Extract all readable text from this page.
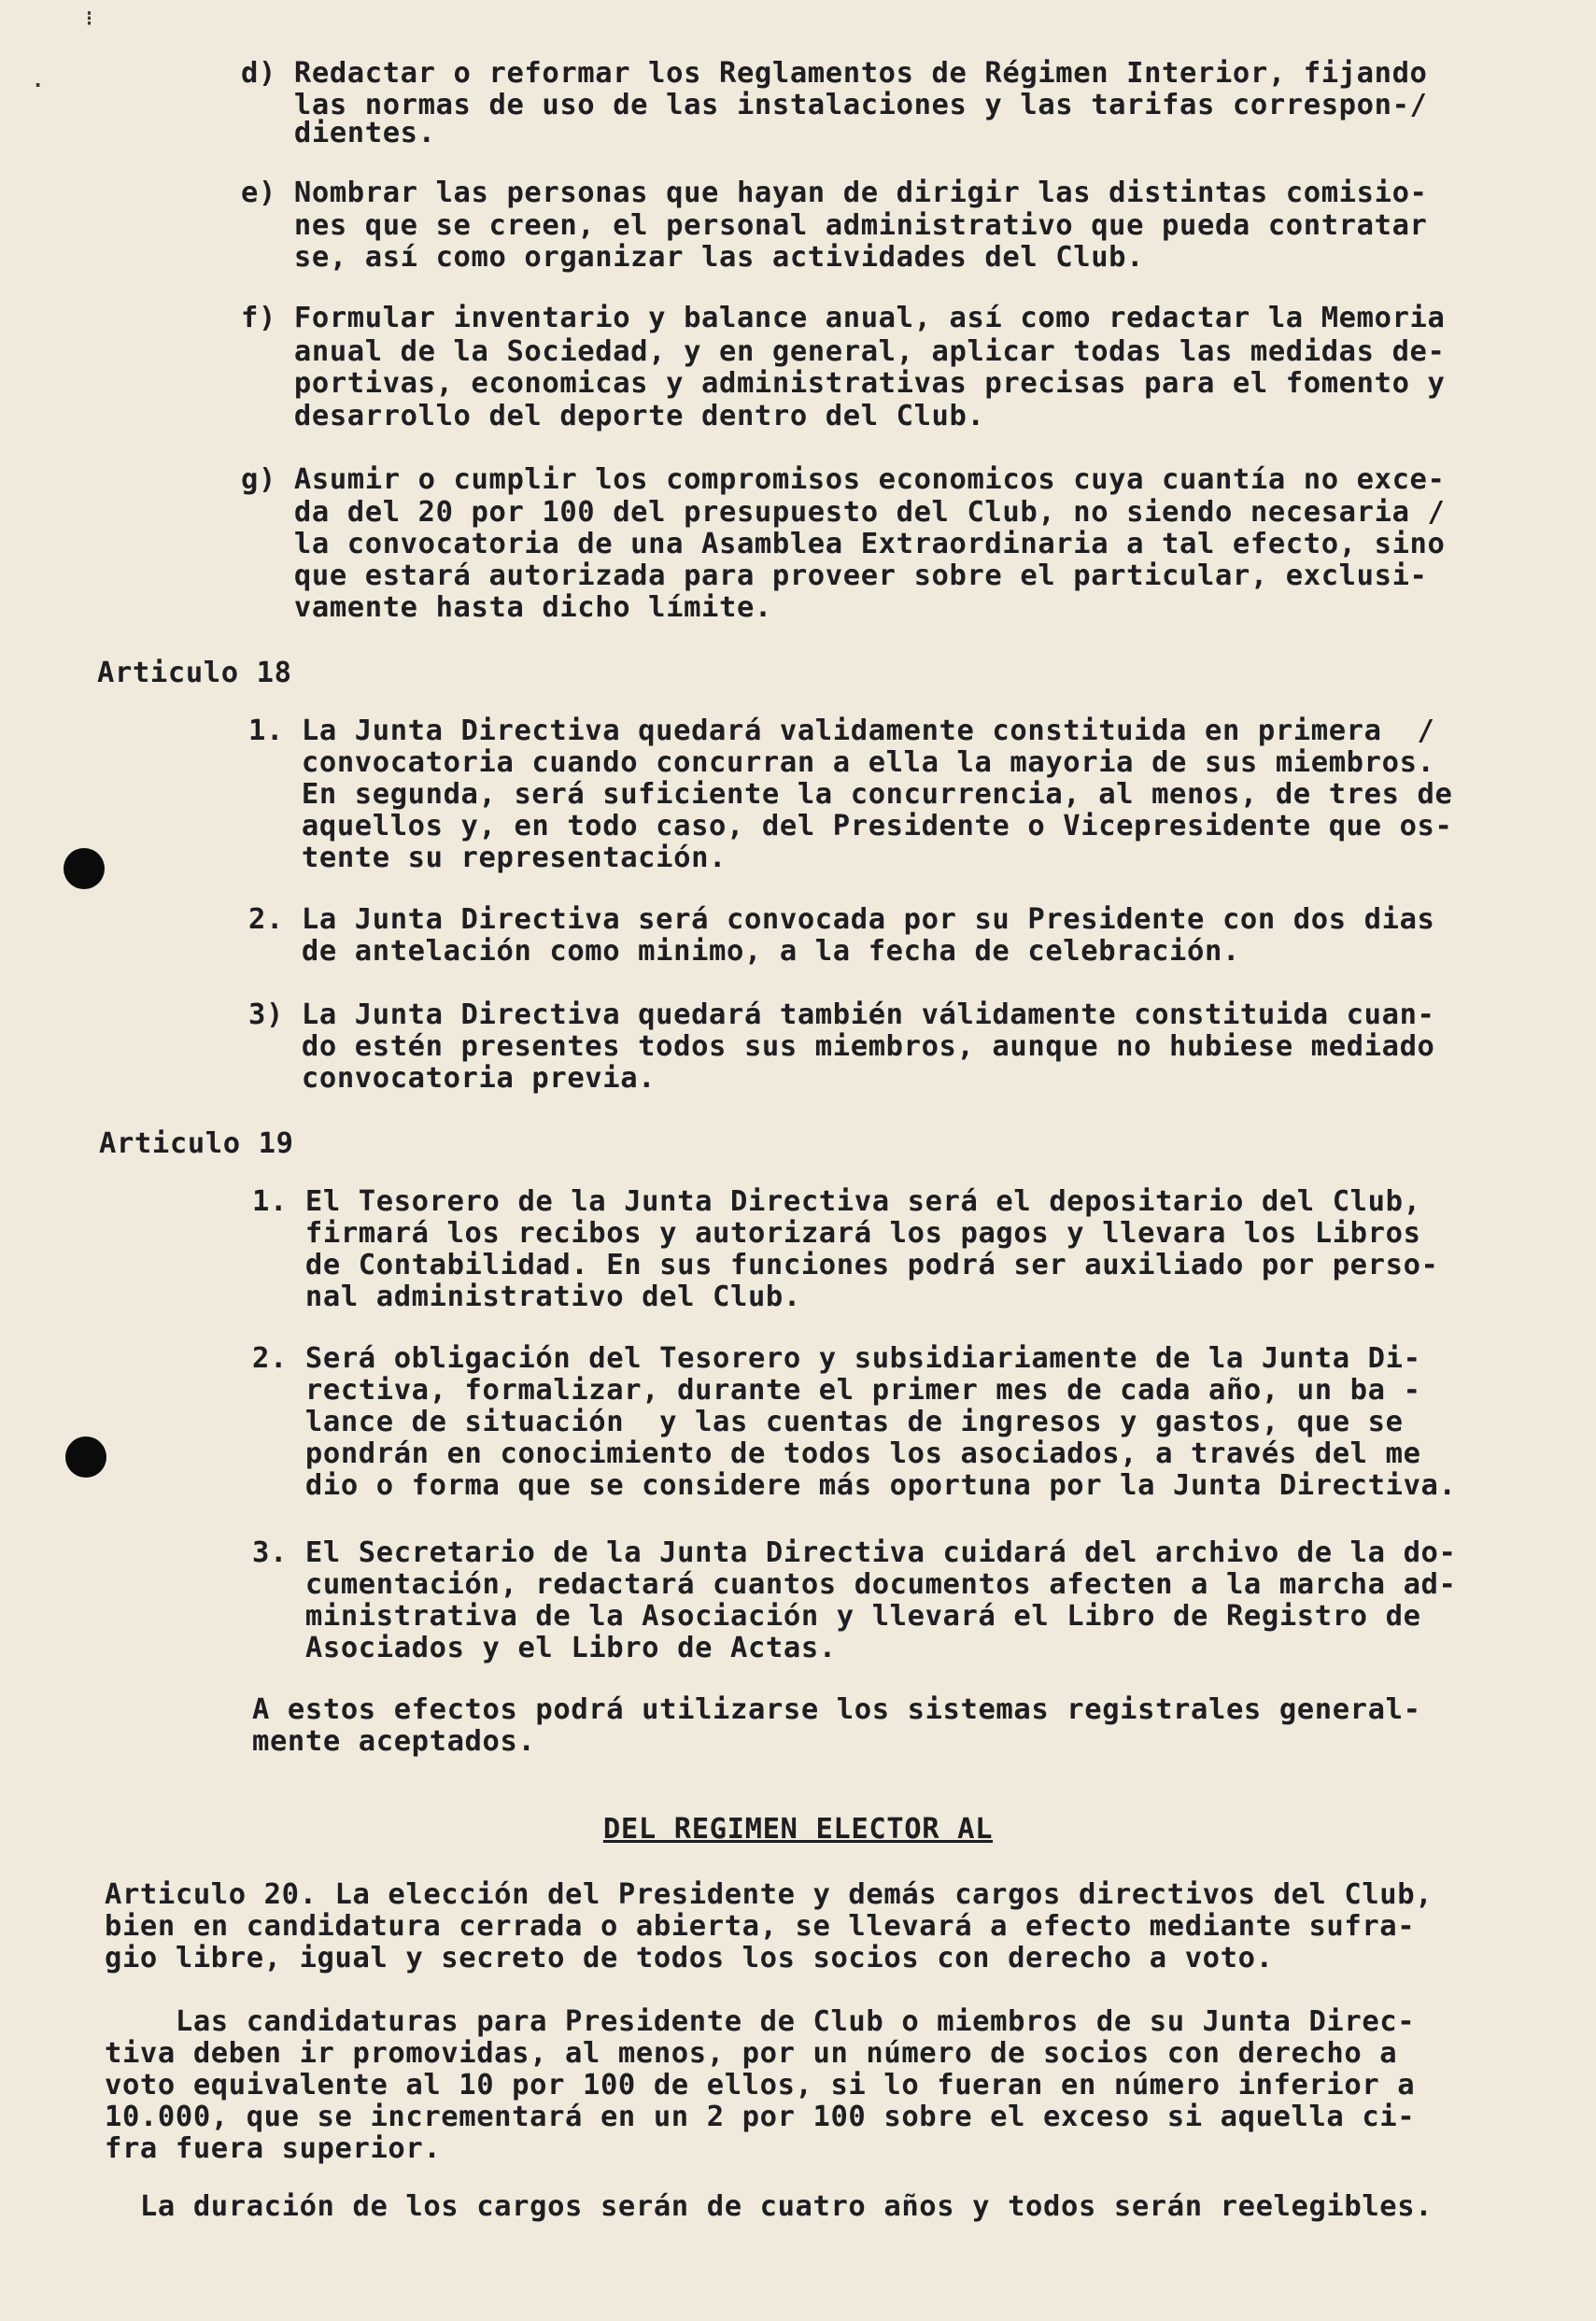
⁝
·	d) Redactar o reformar los Reglamentos de Régimen Interior, fijando
las normas de uso de las instalaciones y las tarifas correspon-/
dientes.
e) Nombrar las personas que hayan de dirigir las distintas comisio-
nes que se creen, el personal administrativo que pueda contratar
se, así como organizar las actividades del Club.
f) Formular inventario y balance anual, así como redactar la Memoria
anual de la Sociedad, y en general, aplicar todas las medidas de-
portivas, economicas y administrativas precisas para el fomento y
desarrollo del deporte dentro del Club.
g) Asumir o cumplir los compromisos economicos cuya cuantía no exce-
da del 20 por 100 del presupuesto del Club, no siendo necesaria /
la convocatoria de una Asamblea Extraordinaria a tal efecto, sino
que estará autorizada para proveer sobre el particular, exclusi-
vamente hasta dicho límite.
Articulo 18
1. La Junta Directiva quedará validamente constituida en primera  /
convocatoria cuando concurran a ella la mayoria de sus miembros.
En segunda, será suficiente la concurrencia, al menos, de tres de
aquellos y, en todo caso, del Presidente o Vicepresidente que os-
tente su representación.
2. La Junta Directiva será convocada por su Presidente con dos dias
de antelación como minimo, a la fecha de celebración.
3) La Junta Directiva quedará también válidamente constituida cuan-
do estén presentes todos sus miembros, aunque no hubiese mediado
convocatoria previa.
Articulo 19
1. El Tesorero de la Junta Directiva será el depositario del Club,
firmará los recibos y autorizará los pagos y llevara los Libros
de Contabilidad. En sus funciones podrá ser auxiliado por perso-
nal administrativo del Club.
2. Será obligación del Tesorero y subsidiariamente de la Junta Di-
rectiva, formalizar, durante el primer mes de cada año, un ba -
lance de situación  y las cuentas de ingresos y gastos, que se
pondrán en conocimiento de todos los asociados, a través del me
dio o forma que se considere más oportuna por la Junta Directiva.
3. El Secretario de la Junta Directiva cuidará del archivo de la do-
cumentación, redactará cuantos documentos afecten a la marcha ad-
ministrativa de la Asociación y llevará el Libro de Registro de
Asociados y el Libro de Actas.
A estos efectos podrá utilizarse los sistemas registrales general-
mente aceptados.
DEL REGIMEN ELECTOR AL
Articulo 20. La elección del Presidente y demás cargos directivos del Club,
bien en candidatura cerrada o abierta, se llevará a efecto mediante sufra-
gio libre, igual y secreto de todos los socios con derecho a voto.
Las candidaturas para Presidente de Club o miembros de su Junta Direc-
tiva deben ir promovidas, al menos, por un número de socios con derecho a
voto equivalente al 10 por 100 de ellos, si lo fueran en número inferior a
10.000, que se incrementará en un 2 por 100 sobre el exceso si aquella ci-
fra fuera superior.
La duración de los cargos serán de cuatro años y todos serán reelegibles.
